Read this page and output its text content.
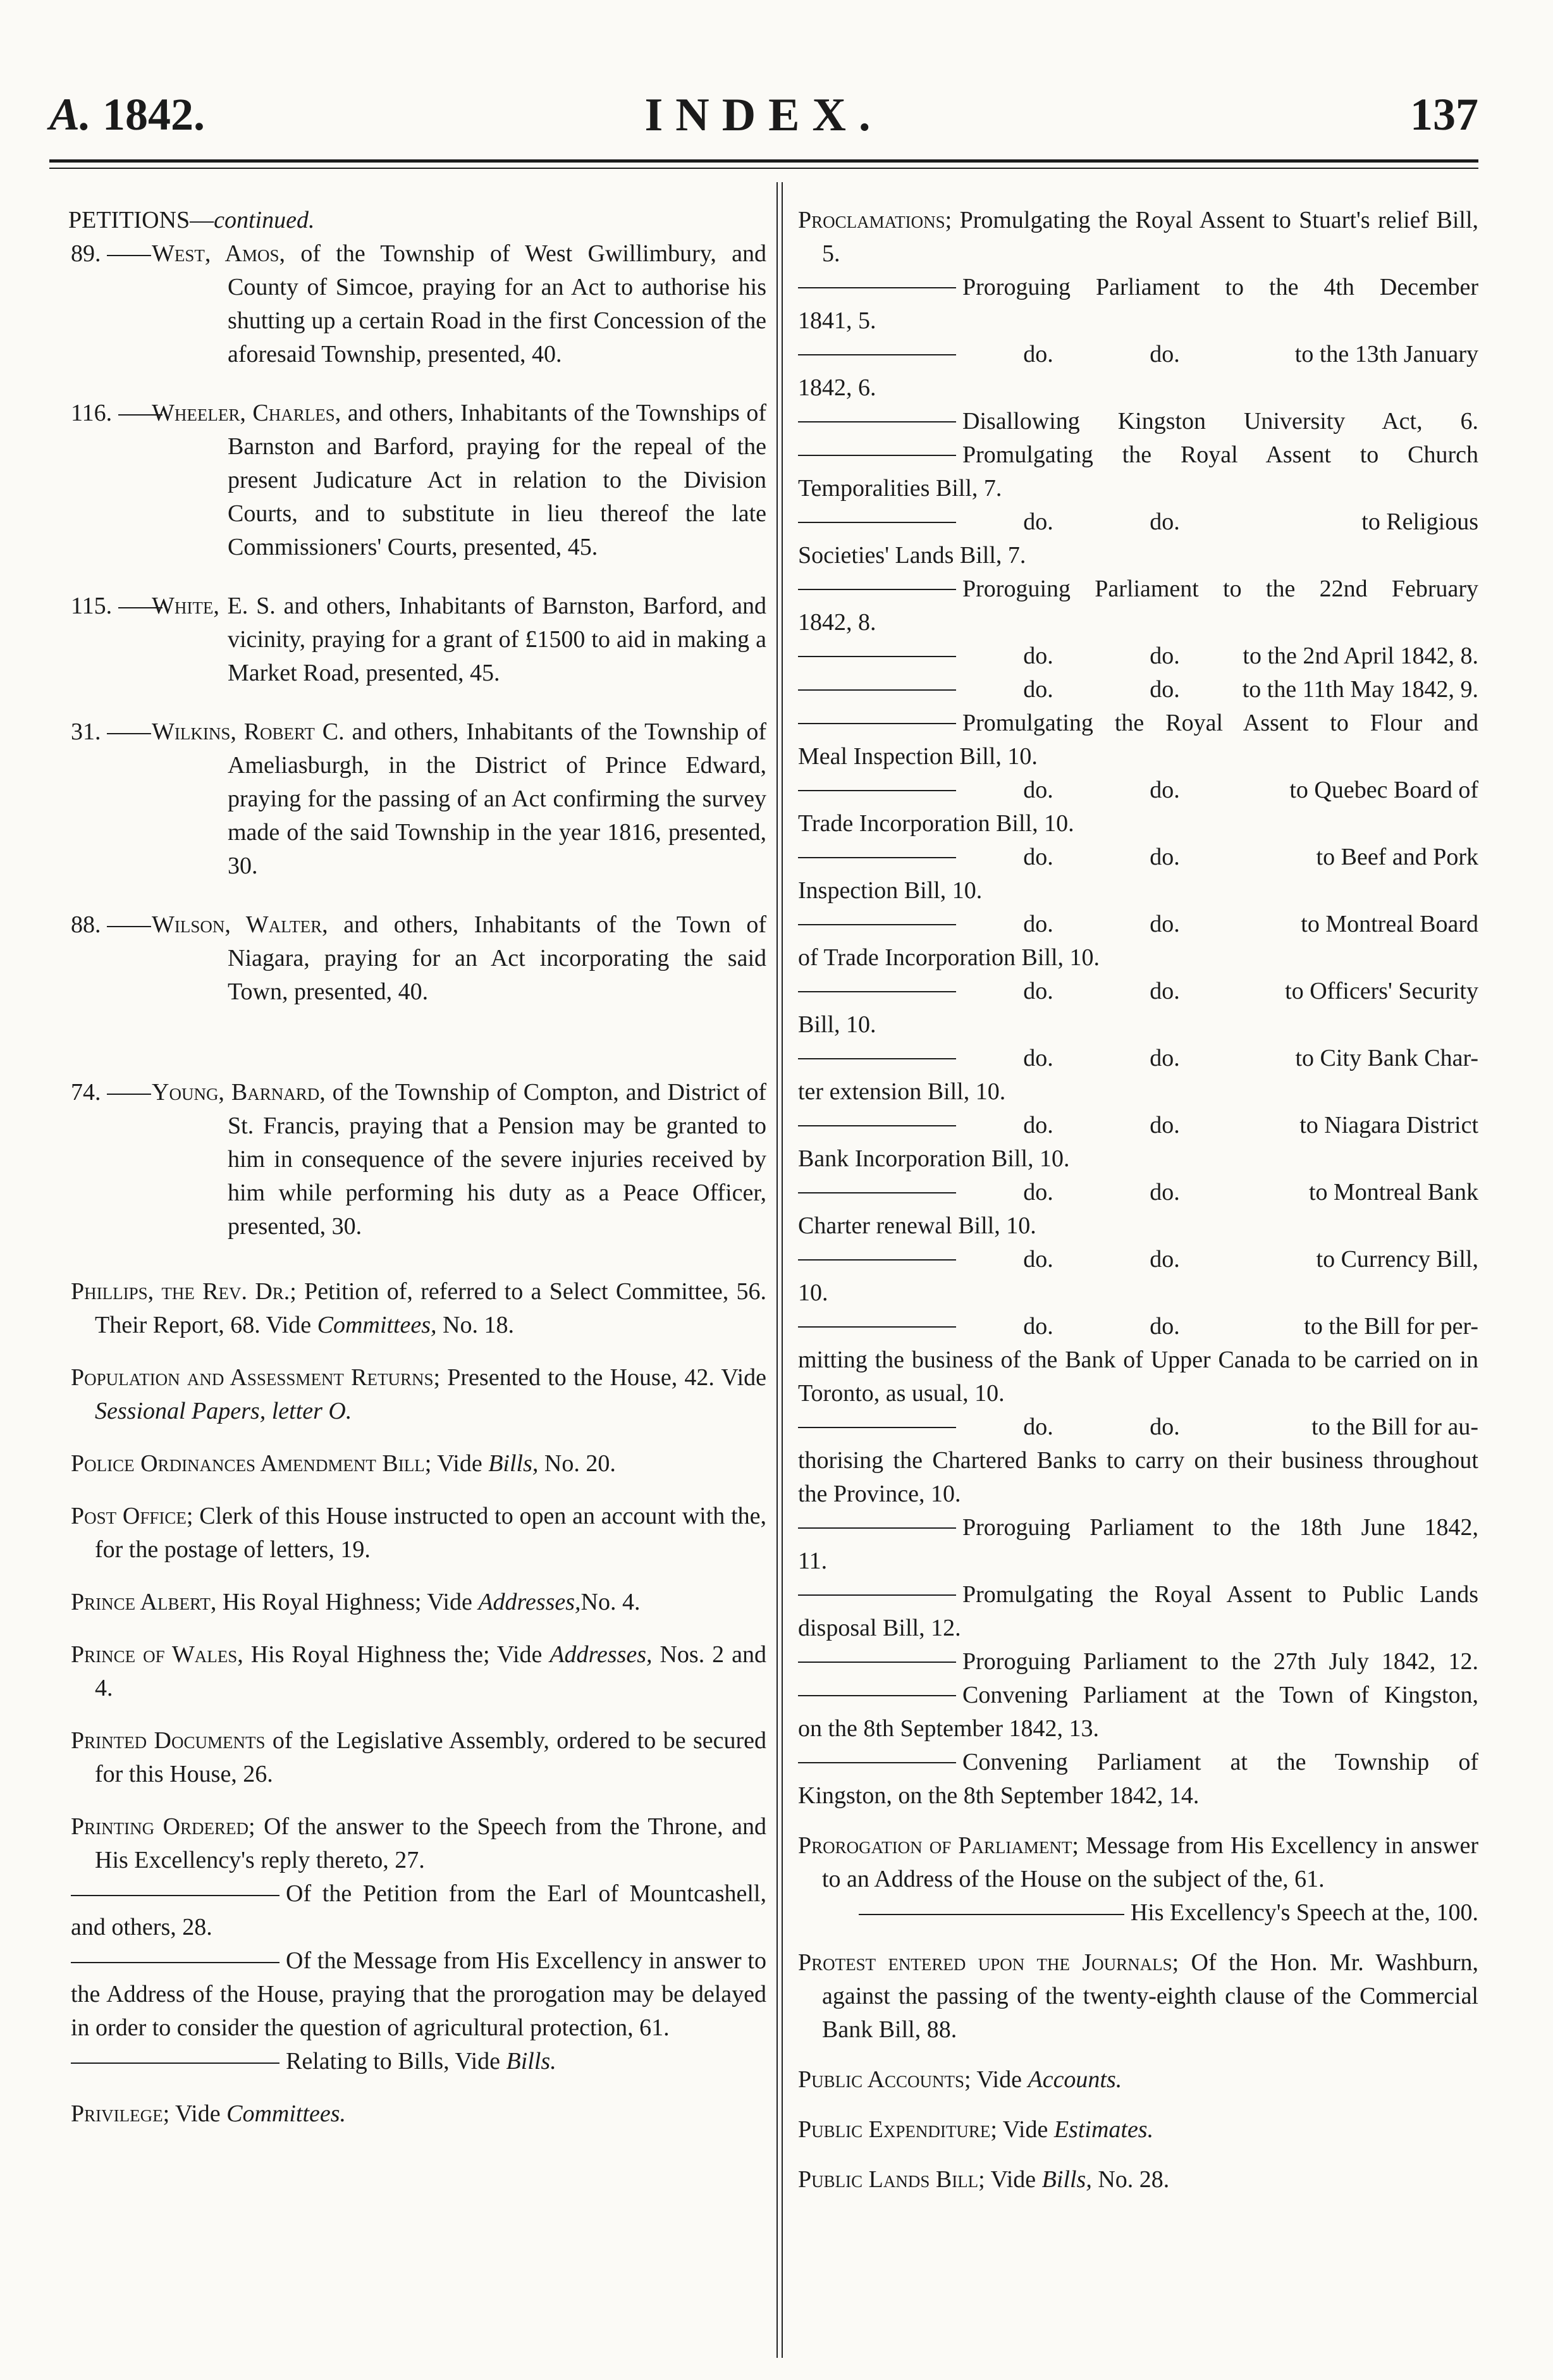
A. 1842.	INDEX.	137
PETITIONS—continued.
89.	West, Amos, of the Township of West Gwillimbury, and County of Simcoe, praying for an Act to authorise his shutting up a certain Road in the first Concession of the aforesaid Township, presented, 40.
116.	Wheeler, Charles, and others, Inhabitants of the Townships of Barnston and Barford, praying for the repeal of the present Judicature Act in relation to the Division Courts, and to substitute in lieu thereof the late Commissioners' Courts, presented, 45.
115.	White, E. S. and others, Inhabitants of Barnston, Barford, and vicinity, praying for a grant of £1500 to aid in making a Market Road, presented, 45.
31.	Wilkins, Robert C. and others, Inhabitants of the Township of Ameliasburgh, in the District of Prince Edward, praying for the passing of an Act confirming the survey made of the said Township in the year 1816, presented, 30.
88.	Wilson, Walter, and others, Inhabitants of the Town of Niagara, praying for an Act incorporating the said Town, presented, 40.
74.	Young, Barnard, of the Township of Compton, and District of St. Francis, praying that a Pension may be granted to him in consequence of the severe injuries received by him while performing his duty as a Peace Officer, presented, 30.
Phillips, the Rev. Dr.; Petition of, referred to a Select Committee, 56. Their Report, 68. Vide Committees, No. 18.
Population and Assessment Returns; Presented to the House, 42. Vide Sessional Papers, letter O.
Police Ordinances Amendment Bill; Vide Bills, No. 20.
Post Office; Clerk of this House instructed to open an account with the, for the postage of letters, 19.
Prince Albert, His Royal Highness; Vide Addresses,No. 4.
Prince of Wales, His Royal Highness the; Vide Addresses, Nos. 2 and 4.
Printed Documents of the Legislative Assembly, ordered to be secured for this House, 26.
Printing Ordered; Of the answer to the Speech from the Throne, and His Excellency's reply thereto, 27.
Of the Petition from the Earl of Mountcashell, and others, 28.
Of the Message from His Excellency in answer to the Address of the House, praying that the prorogation may be delayed in order to consider the question of agricultural protection, 61.
Relating to Bills, Vide Bills.
Privilege; Vide Committees.
Proclamations; Promulgating the Royal Assent to Stuart's relief Bill, 5.
Proroguing Parliament to the 4th December
1841, 5.
do.	do.	to the 13th January
1842, 6.
Disallowing Kingston University Act, 6.
Promulgating the Royal Assent to Church
Temporalities Bill, 7.
do.	do.	to Religious
Societies' Lands Bill, 7.
Proroguing Parliament to the 22nd February
1842, 8.
do.	do.	to the 2nd April 1842, 8.
do.	do.	to the 11th May 1842, 9.
Promulgating the Royal Assent to Flour and
Meal Inspection Bill, 10.
do.	do.	to Quebec Board of
Trade Incorporation Bill, 10.
do.	do.	to Beef and Pork
Inspection Bill, 10.
do.	do.	to Montreal Board
of Trade Incorporation Bill, 10.
do.	do.	to Officers' Security
Bill, 10.
do.	do.	to City Bank Char-
ter extension Bill, 10.
do.	do.	to Niagara District
Bank Incorporation Bill, 10.
do.	do.	to Montreal Bank
Charter renewal Bill, 10.
do.	do.	to Currency Bill,
10.
do.	do.	to the Bill for per-
mitting the business of the Bank of Upper Canada to be carried on in Toronto, as usual, 10.
do.	do.	to the Bill for au-
thorising the Chartered Banks to carry on their business throughout the Province, 10.
Proroguing Parliament to the 18th June 1842,
11.
Promulgating the Royal Assent to Public Lands
disposal Bill, 12.
Proroguing Parliament to the 27th July 1842, 12.
Convening Parliament at the Town of Kingston,
on the 8th September 1842, 13.
Convening Parliament at the Township of
Kingston, on the 8th September 1842, 14.
Prorogation of Parliament; Message from His Excellency in answer to an Address of the House on the subject of the, 61.
His Excellency's Speech at the, 100.
Protest entered upon the Journals; Of the Hon. Mr. Washburn, against the passing of the twenty-eighth clause of the Commercial Bank Bill, 88.
Public Accounts; Vide Accounts.
Public Expenditure; Vide Estimates.
Public Lands Bill; Vide Bills, No. 28.
